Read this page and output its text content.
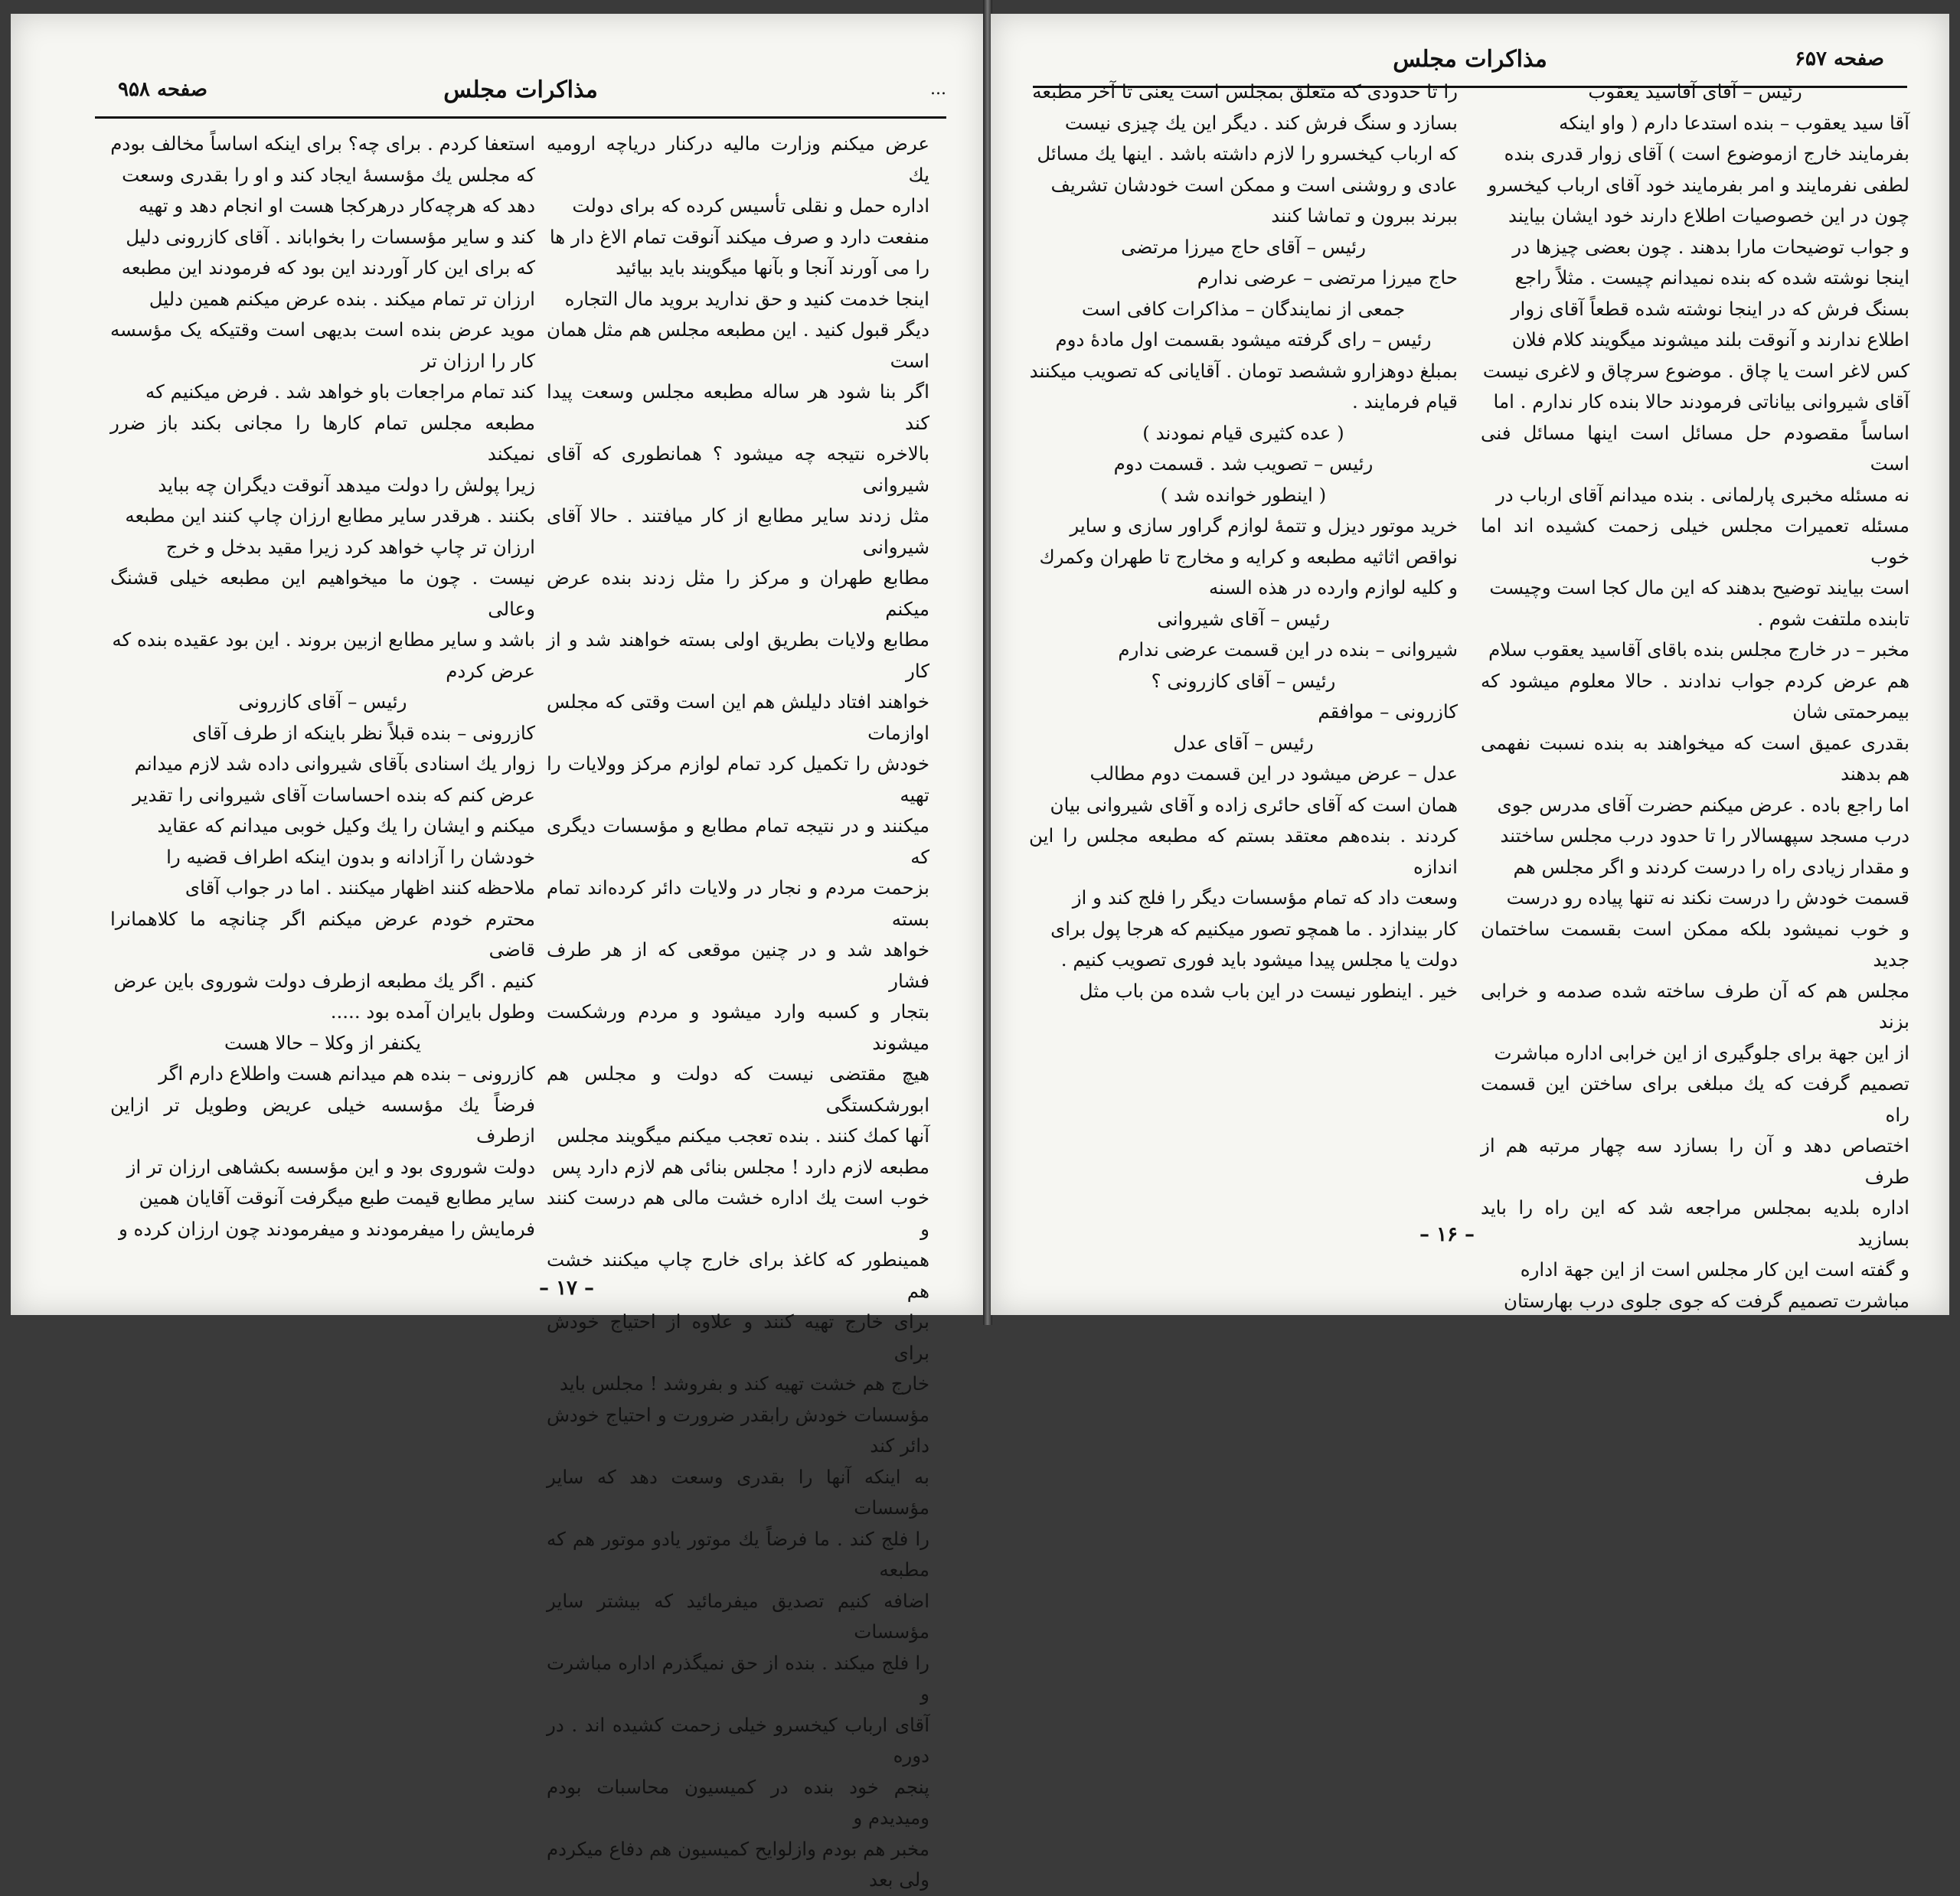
صفحه ۹۵۸	مذاکرات مجلس	...

عرض میکنم وزارت مالیه درکنار دریاچه ارومیه یك

اداره حمل و نقلی تأسیس کرده که برای دولت

منفعت دارد و صرف میکند آنوقت تمام الاغ دار ها

را می آورند آنجا و بآنها میگویند باید بیائید

اینجا خدمت کنید و حق ندارید بروید مال التجاره

دیگر قبول کنید . این مطبعه مجلس هم مثل همان است

اگر بنا شود هر ساله مطبعه مجلس وسعت پیدا کند

بالاخره نتیجه چه میشود ؟ همانطوری که آقای شیروانی

مثل زدند سایر مطابع از کار میافتند . حالا آقای شیروانی

مطابع طهران و مرکز را مثل زدند بنده عرض میکنم

مطابع ولایات بطریق اولی بسته خواهند شد و از کار

خواهند افتاد دلیلش هم این است وقتی که مجلس اوازمات

خودش را تکمیل کرد تمام لوازم مرکز وولایات را تهیه

میکنند و در نتیجه تمام مطابع و مؤسسات دیگری که

بزحمت مردم و نجار در ولایات دائر کرده‌اند تمام بسته

خواهد شد و در چنین موقعی که از هر طرف فشار

بتجار و کسبه وارد میشود و مردم ورشکست میشوند

هیچ مقتضی نیست که دولت و مجلس هم ابورشکستگی

آنها کمك کنند . بنده تعجب میکنم میگویند مجلس

مطبعه لازم دارد ! مجلس بنائی هم لازم دارد پس

خوب است یك اداره خشت مالی هم درست کنند و

همینطور که کاغذ برای خارج چاپ میکنند خشت هم

برای خارج تهیه کنند و علاوه از احتیاج خودش برای

خارج هم خشت تهیه کند و بفروشد ! مجلس باید

مؤسسات خودش رابقدر ضرورت و احتیاج خودش دائر کند

به اینکه آنها را بقدری وسعت دهد که سایر مؤسسات

را فلج کند . ما فرضاً یك موتور یادو موتور هم که مطبعه

اضافه کنیم تصدیق میفرمائید که بیشتر سایر مؤسسات

را فلج میکند . بنده از حق نمیگذرم اداره مباشرت و

آقای ارباب کیخسرو خیلی زحمت کشیده اند . در دوره

پنجم خود بنده در کمیسیون محاسبات بودم ومیدیدم و

مخبر هم بودم وازلوایح کمیسیون هم دفاع میکردم ولی بعد

استعفا کردم . برای چه؟ برای اینکه اساساً مخالف بودم

که مجلس یك مؤسسهٔ ایجاد کند و او را بقدری وسعت

دهد که هرچه‌کار درهرکجا هست او انجام دهد و تهیه

کند و سایر مؤسسات را بخواباند . آقای کازرونی دلیل

که برای این کار آوردند این بود که فرمودند این مطبعه

ارزان تر تمام میکند . بنده عرض میکنم همین دلیل

موید عرض بنده است بدیهی است وقتیکه یک مؤسسه کار را ارزان تر

کند تمام مراجعات باو خواهد شد . فرض میکنیم که

مطبعه مجلس تمام کارها را مجانی بکند باز ضرر نمیکند

زیرا پولش را دولت میدهد آنوقت دیگران چه بباید

بکنند . هرقدر سایر مطابع ارزان چاپ کنند این مطبعه

ارزان تر چاپ خواهد کرد زیرا مقید بدخل و خرج

نیست . چون ما میخواهیم این مطبعه خیلی قشنگ وعالی

باشد و سایر مطابع ازبین بروند . این بود عقیده بنده که

عرض کردم

رئیس – آقای کازرونی

کازرونی – بنده قبلاً نظر باینکه از طرف آقای

زوار یك اسنادی بآقای شیروانی داده شد لازم میدانم

عرض کنم که بنده احساسات آقای شیروانی را تقدیر

میکنم و ایشان را یك وکیل خوبی میدانم که عقاید

خودشان را آزادانه و بدون اینکه اطراف قضیه را

ملاحظه کنند اظهار میکنند . اما در جواب آقای

محترم خودم عرض میکنم اگر چنانچه ما کلاهمانرا قاضی

کنیم . اگر یك مطبعه ازطرف دولت شوروی باین عرض

وطول بایران آمده بود .....

یکنفر از وکلا – حالا هست

کازرونی – بنده هم میدانم هست واطلاع دارم اگر

فرضاً یك مؤسسه خیلی عریض وطویل تر ازاین ازطرف

دولت شوروی بود و این مؤسسه بکشاهی ارزان تر از

سایر مطابع قیمت طبع میگرفت آنوقت آقایان همین

فرمایش را میفرمودند و میفرمودند چون ارزان کرده و

– ۱۷ –
مذاکرات مجلس	صفحه ۶۵۷

رئیس – آقای آقاسید یعقوب

آقا سید یعقوب – بنده استدعا دارم ( واو اینکه

بفرمایند خارج ازموضوع است ) آقای زوار قدری بنده

لطفی نفرمایند و امر بفرمایند خود آقای ارباب کیخسرو

چون در این خصوصیات اطلاع دارند خود ایشان بیایند

و جواب توضیحات مارا بدهند . چون بعضی چیزها در

اینجا نوشته شده که بنده نمیدانم چیست . مثلاً راجع

بسنگ فرش که در اینجا نوشته شده قطعاً آقای زوار

اطلاع ندارند و آنوقت بلند میشوند میگویند کلام فلان

کس لاغر است یا چاق . موضوع سرچاق و لاغری نیست

آقای شیروانی بیاناتی فرمودند حالا بنده کار ندارم . اما

اساساً مقصودم حل مسائل است اینها مسائل فنی است

نه مسئله مخبری پارلمانی . بنده میدانم آقای ارباب در

مسئله تعمیرات مجلس خیلی زحمت کشیده اند اما خوب

است بیایند توضیح بدهند که این مال کجا است وچیست

تابنده ملتفت شوم .

مخبر – در خارج مجلس بنده باقای آقاسید یعقوب سلام

هم عرض کردم جواب ندادند . حالا معلوم میشود که بیمرحمتی شان

بقدری عمیق است که میخواهند به بنده نسبت نفهمی هم بدهند

اما راجع باده . عرض میکنم حضرت آقای مدرس جوی

درب مسجد سپهسالار را تا حدود درب مجلس ساختند

و مقدار زیادی راه را درست کردند و اگر مجلس هم

قسمت خودش را درست نکند نه تنها پیاده رو درست

و خوب نمیشود بلکه ممکن است بقسمت ساختمان جدید

مجلس هم که آن طرف ساخته شده صدمه و خرابی بزند

از این جهة برای جلوگیری از این خرابی اداره مباشرت

تصمیم گرفت که یك مبلغی برای ساختن این قسمت راه

اختصاص دهد و آن را بسازد سه چهار مرتبه هم از طرف

اداره بلدیه بمجلس مراجعه شد که این راه را باید بسازید

و گفته است این کار مجلس است از این جهة اداره

مباشرت تصمیم گرفت که جوی جلوی درب بهارستان

را تا حدودی که متعلق بمجلس است یعنی تا آخر مطبعه

بسازد و سنگ فرش کند . دیگر این یك چیزی نیست

که ارباب کیخسرو را لازم داشته باشد . اینها یك مسائل

عادی و روشنی است و ممکن است خودشان تشریف

ببرند ببرون و تماشا کنند

رئیس – آقای حاج میرزا مرتضی

حاج میرزا مرتضی – عرضی ندارم

جمعی از نمایندگان – مذاکرات کافی است

رئیس – رای گرفته میشود بقسمت اول مادهٔ دوم

بمبلغ دوهزارو ششصد تومان . آقایانی که تصویب میکنند

قیام فرمایند .

( عده کثیری قیام نمودند )

رئیس – تصویب شد . قسمت دوم

( اینطور خوانده شد )

خرید موتور دیزل و تتمهٔ لوازم گراور سازی و سایر

نواقص اثاثیه مطبعه و کرایه و مخارج تا طهران وکمرك

و کلیه لوازم وارده در هذه السنه

رئیس – آقای شیروانی

شیروانی – بنده در این قسمت عرضی ندارم

رئیس – آقای کازرونی ؟

کازرونی – موافقم

رئیس – آقای عدل

عدل – عرض میشود در این قسمت دوم مطالب

همان است که آقای حائری زاده و آقای شیروانی بیان

کردند . بنده‌هم معتقد بستم که مطبعه مجلس را این اندازه

وسعت داد که تمام مؤسسات دیگر را فلج کند و از

کار بیندازد . ما همچو تصور میکنیم که هرجا پول برای

دولت یا مجلس پیدا میشود باید فوری تصویب کنیم .

خیر . اینطور نیست در این باب شده من باب مثل

– ۱۶ –
